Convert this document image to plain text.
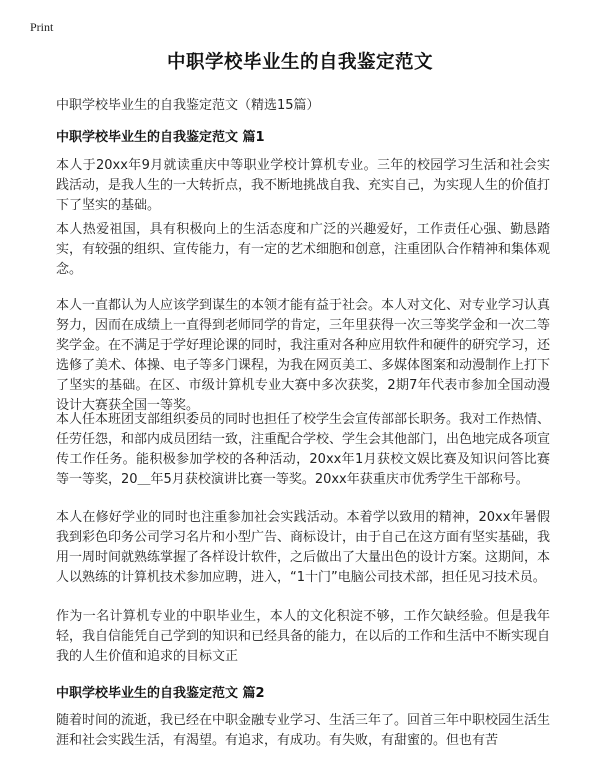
Print
中职学校毕业生的自我鉴定范文
中职学校毕业生的自我鉴定范文（精选15篇）
中职学校毕业生的自我鉴定范文 篇1
本人于20xx年9月就读重庆中等职业学校计算机专业。三年的校园学习生活和社会实践活动，是我人生的一大转折点，我不断地挑战自我、充实自己，为实现人生的价值打下了坚实的基础。
本人热爱祖国，具有积极向上的生活态度和广泛的兴趣爱好，工作责任心强、勤恳踏实，有较强的组织、宣传能力，有一定的艺术细胞和创意，注重团队合作精神和集体观念。
本人一直都认为人应该学到谋生的本领才能有益于社会。本人对文化、对专业学习认真努力，因而在成绩上一直得到老师同学的肯定，三年里获得一次三等奖学金和一次二等奖学金。在不满足于学好理论课的同时，我注重对各种应用软件和硬件的研究学习，还选修了美术、体操、电子等多门课程，为我在网页美工、多媒体图案和动漫制作上打下了坚实的基础。在区、市级计算机专业大赛中多次获奖，2期7年代表市参加全国动漫设计大赛获全国一等奖。
本人任本班团支部组织委员的同时也担任了校学生会宣传部部长职务。我对工作热情、任劳任怨，和部内成员团结一致，注重配合学校、学生会其他部门，出色地完成各项宣传工作任务。能积极参加学校的各种活动，20xx年1月获校文娱比赛及知识问答比赛等一等奖，20＿年5月获校演讲比赛一等奖。20xx年获重庆市优秀学生干部称号。
本人在修好学业的同时也注重参加社会实践活动。本着学以致用的精神，20xx年暑假我到彩色印务公司学习名片和小型广告、商标设计，由于自己在这方面有坚实基础，我用一周时间就熟练掌握了各样设计软件，之后做出了大量出色的设计方案。这期间，本人以熟练的计算机技术参加应聘，进入，“1十门”电脑公司技术部，担任见习技术员。
作为一名计算机专业的中职毕业生，本人的文化积淀不够，工作欠缺经验。但是我年轻，我自信能凭自己学到的知识和已经具备的能力，在以后的工作和生活中不断实现自我的人生价值和追求的目标文正
中职学校毕业生的自我鉴定范文 篇2
随着时间的流逝，我已经在中职金融专业学习、生活三年了。回首三年中职校园生活生涯和社会实践生活，有渴望。有追求，有成功。有失败，有甜蜜的。但也有苦
